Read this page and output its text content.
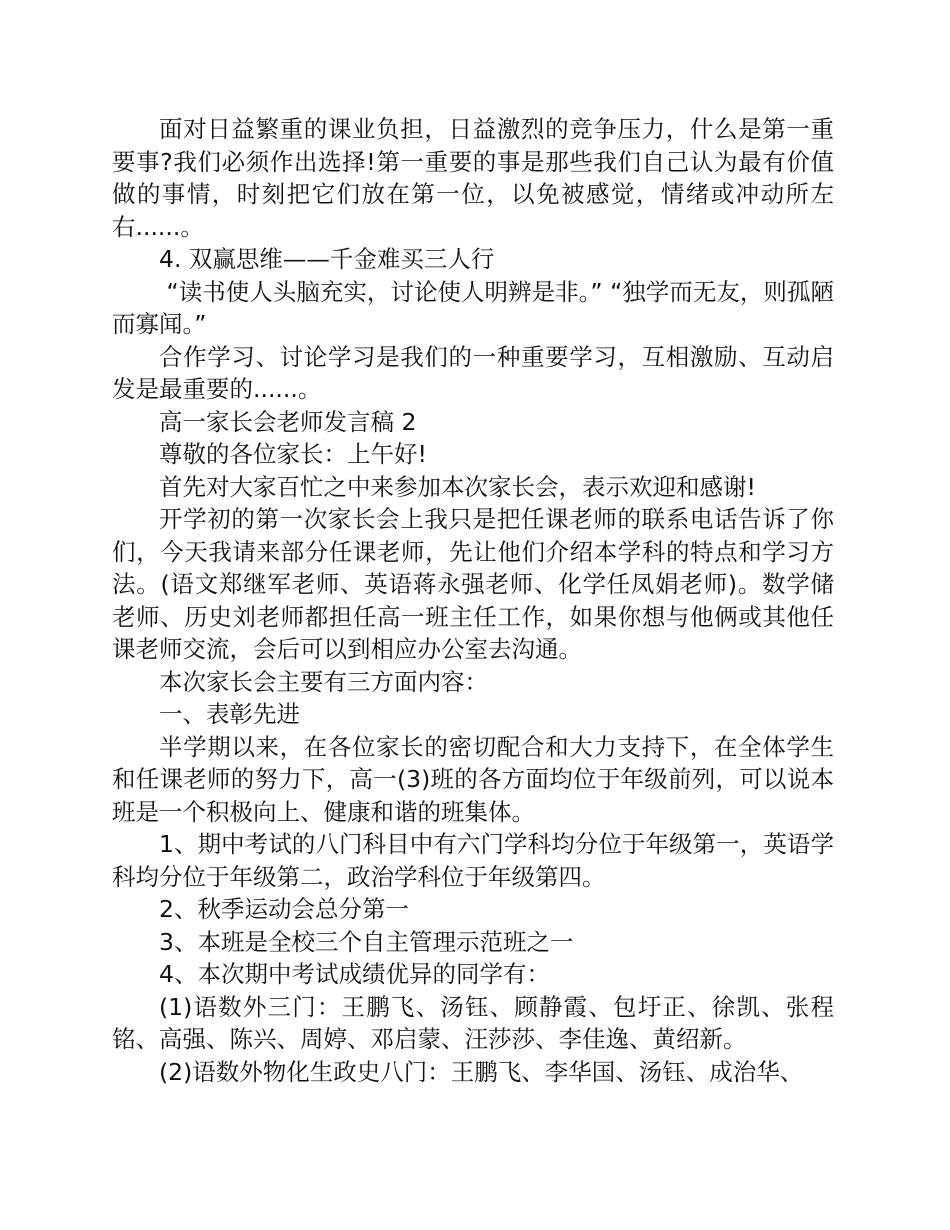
面对日益繁重的课业负担，日益激烈的竞争压力，什么是第一重要事?我们必须作出选择!第一重要的事是那些我们自己认为最有价值做的事情，时刻把它们放在第一位，以免被感觉，情绪或冲动所左右......。

4. 双赢思维——千金难买三人行

“读书使人头脑充实，讨论使人明辨是非。” “独学而无友，则孤陋而寡闻。”

合作学习、讨论学习是我们的一种重要学习，互相激励、互动启发是最重要的......。

高一家长会老师发言稿 2

尊敬的各位家长：上午好!

首先对大家百忙之中来参加本次家长会，表示欢迎和感谢!

开学初的第一次家长会上我只是把任课老师的联系电话告诉了你们，今天我请来部分任课老师，先让他们介绍本学科的特点和学习方法。(语文郑继军老师、英语蒋永强老师、化学任凤娟老师)。数学储老师、历史刘老师都担任高一班主任工作，如果你想与他俩或其他任课老师交流，会后可以到相应办公室去沟通。

本次家长会主要有三方面内容：

一、表彰先进

半学期以来，在各位家长的密切配合和大力支持下，在全体学生和任课老师的努力下，高一(3)班的各方面均位于年级前列，可以说本班是一个积极向上、健康和谐的班集体。

1、期中考试的八门科目中有六门学科均分位于年级第一，英语学科均分位于年级第二，政治学科位于年级第四。

2、秋季运动会总分第一

3、本班是全校三个自主管理示范班之一

4、本次期中考试成绩优异的同学有：

(1)语数外三门：王鹏飞、汤钰、顾静霞、包圩正、徐凯、张程铭、高强、陈兴、周婷、邓启蒙、汪莎莎、李佳逸、黄绍新。

(2)语数外物化生政史八门：王鹏飞、李华国、汤钰、成治华、
